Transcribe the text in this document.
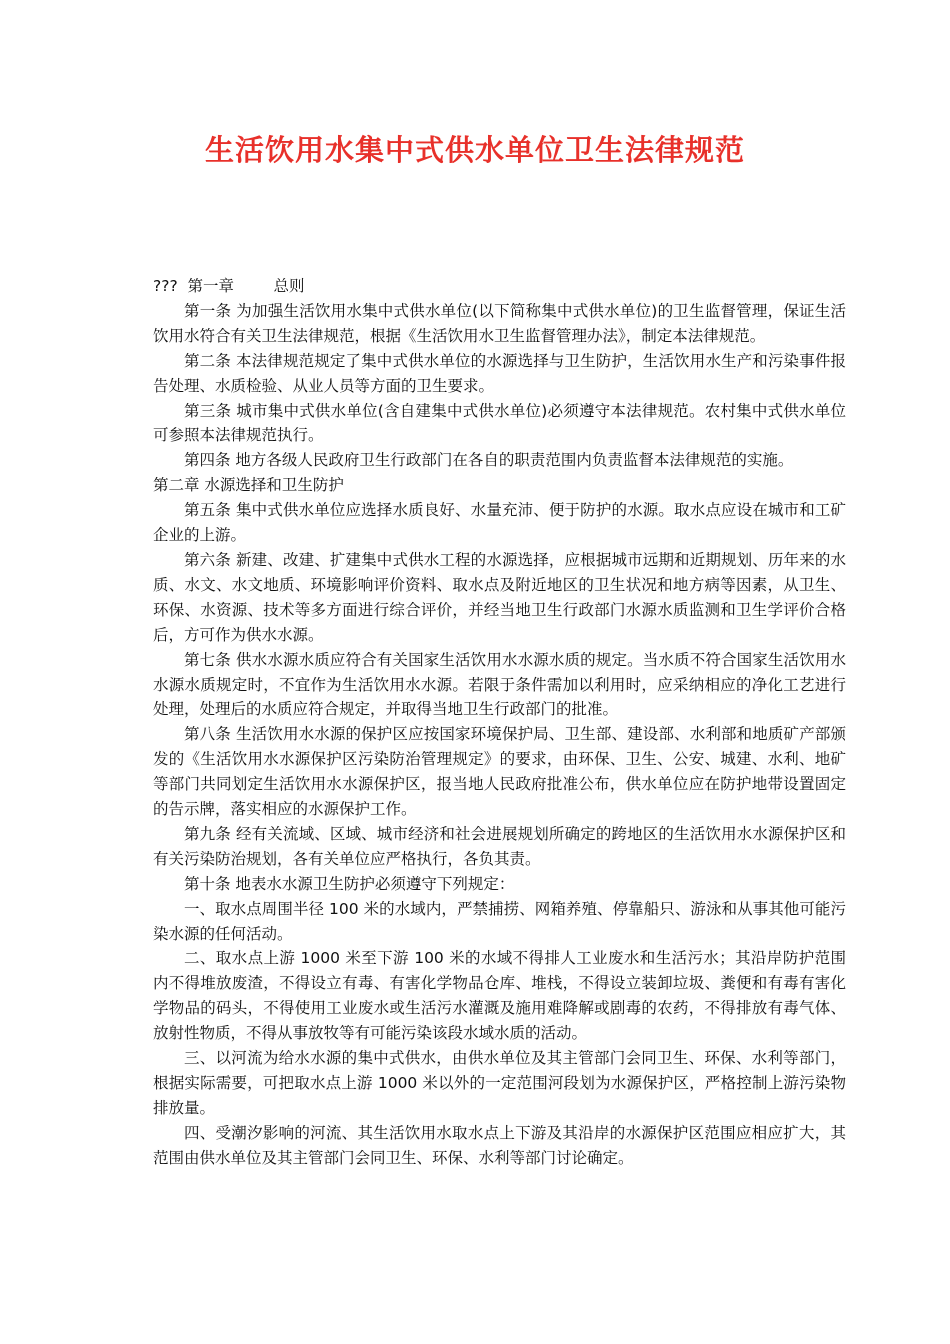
生活饮用水集中式供水单位卫生法律规范

??? 第一章	总则

第一条 为加强生活饮用水集中式供水单位(以下简称集中式供水单位)的卫生监督管理，保证生活饮用水符合有关卫生法律规范，根据《生活饮用水卫生监督管理办法》，制定本法律规范。

第二条 本法律规范规定了集中式供水单位的水源选择与卫生防护，生活饮用水生产和污染事件报告处理、水质检验、从业人员等方面的卫生要求。

第三条 城市集中式供水单位(含自建集中式供水单位)必须遵守本法律规范。农村集中式供水单位可参照本法律规范执行。

第四条 地方各级人民政府卫生行政部门在各自的职责范围内负责监督本法律规范的实施。

第二章 水源选择和卫生防护

第五条 集中式供水单位应选择水质良好、水量充沛、便于防护的水源。取水点应设在城市和工矿企业的上游。

第六条 新建、改建、扩建集中式供水工程的水源选择，应根据城市远期和近期规划、历年来的水质、水文、水文地质、环境影响评价资料、取水点及附近地区的卫生状况和地方病等因素，从卫生、环保、水资源、技术等多方面进行综合评价，并经当地卫生行政部门水源水质监测和卫生学评价合格后，方可作为供水水源。

第七条 供水水源水质应符合有关国家生活饮用水水源水质的规定。当水质不符合国家生活饮用水水源水质规定时，不宜作为生活饮用水水源。若限于条件需加以利用时，应采纳相应的净化工艺进行处理，处理后的水质应符合规定，并取得当地卫生行政部门的批准。

第八条 生活饮用水水源的保护区应按国家环境保护局、卫生部、建设部、水利部和地质矿产部颁发的《生活饮用水水源保护区污染防治管理规定》的要求，由环保、卫生、公安、城建、水利、地矿等部门共同划定生活饮用水水源保护区，报当地人民政府批准公布，供水单位应在防护地带设置固定的告示牌，落实相应的水源保护工作。

第九条 经有关流域、区域、城市经济和社会进展规划所确定的跨地区的生活饮用水水源保护区和有关污染防治规划，各有关单位应严格执行，各负其责。

第十条 地表水水源卫生防护必须遵守下列规定：

一、取水点周围半径 100 米的水域内，严禁捕捞、网箱养殖、停靠船只、游泳和从事其他可能污染水源的任何活动。

二、取水点上游 1000 米至下游 100 米的水域不得排人工业废水和生活污水；其沿岸防护范围内不得堆放废渣，不得设立有毒、有害化学物品仓库、堆栈，不得设立装卸垃圾、粪便和有毒有害化学物品的码头，不得使用工业废水或生活污水灌溉及施用难降解或剧毒的农药，不得排放有毒气体、放射性物质，不得从事放牧等有可能污染该段水域水质的活动。

三、以河流为给水水源的集中式供水，由供水单位及其主管部门会同卫生、环保、水利等部门，根据实际需要，可把取水点上游 1000 米以外的一定范围河段划为水源保护区，严格控制上游污染物排放量。

四、受潮汐影响的河流、其生活饮用水取水点上下游及其沿岸的水源保护区范围应相应扩大，其范围由供水单位及其主管部门会同卫生、环保、水利等部门讨论确定。
